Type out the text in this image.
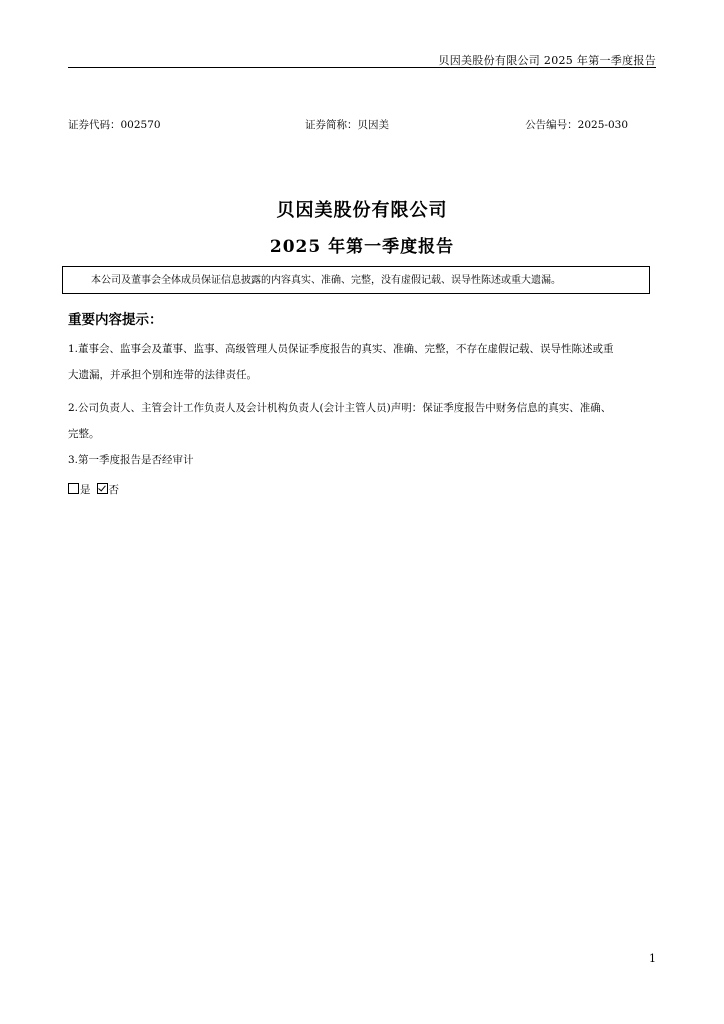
贝因美股份有限公司 2025 年第一季度报告
证券代码：002570	证券简称：贝因美	公告编号：2025-030
贝因美股份有限公司
2025 年第一季度报告
本公司及董事会全体成员保证信息披露的内容真实、准确、完整，没有虚假记载、误导性陈述或重大遗漏。
重要内容提示：
1.董事会、监事会及董事、监事、高级管理人员保证季度报告的真实、准确、完整，不存在虚假记载、误导性陈述或重
大遗漏，并承担个别和连带的法律责任。
2.公司负责人、主管会计工作负责人及会计机构负责人(会计主管人员)声明：保证季度报告中财务信息的真实、准确、
完整。
3.第一季度报告是否经审计
是 否
1
